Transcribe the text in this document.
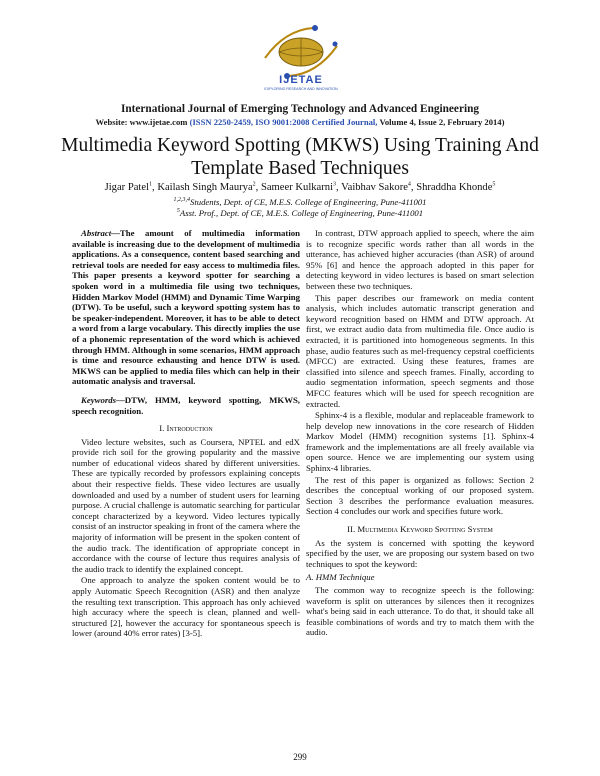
IJETAE
EXPLORING RESEARCH AND INNOVATION
International Journal of Emerging Technology and Advanced Engineering
Website: www.ijetae.com (ISSN 2250-2459, ISO 9001:2008 Certified Journal, Volume 4, Issue 2, February 2014)
Multimedia Keyword Spotting (MKWS) Using Training And Template Based Techniques
Jigar Patel$^1$, Kailash Singh Maurya$^2$, Sameer Kulkarni$^3$, Vaibhav Sakore$^4$, Shraddha Khonde$^5$
$^{1,2,3,4}$Students, Dept. of CE, M.E.S. College of Engineering, Pune-411001
$^5$Asst. Prof., Dept. of CE, M.E.S. College of Engineering, Pune-411001

Abstract—The amount of multimedia information available is increasing due to the development of multimedia applications. As a consequence, content based searching and retrieval tools are needed for easy access to multimedia files. This paper presents a keyword spotter for searching a spoken word in a multimedia file using two techniques, Hidden Markov Model (HMM) and Dynamic Time Warping (DTW). To be useful, such a keyword spotting system has to be speaker-independent. Moreover, it has to be able to detect a word from a large vocabulary. This directly implies the use of a phonemic representation of the word which is achieved through HMM. Although in some scenarios, HMM approach is time and resource exhausting and hence DTW is used. MKWS can be applied to media files which can help in their automatic analysis and traversal.

Keywords—DTW, HMM, keyword spotting, MKWS, speech recognition.

I. Introduction

Video lecture websites, such as Coursera, NPTEL and edX provide rich soil for the growing popularity and the massive number of educational videos shared by different universities. These are typically recorded by professors explaining concepts about their respective fields. These video lectures are usually downloaded and used by a number of student users for learning purpose. A crucial challenge is automatic searching for particular concept characterized by a keyword. Video lectures typically consist of an instructor speaking in front of the camera where the majority of information will be present in the spoken content of the audio track. The identification of appropriate concept in accordance with the course of lecture thus requires analysis of the audio track to identify the explained concept.

One approach to analyze the spoken content would be to apply Automatic Speech Recognition (ASR) and then analyze the resulting text transcription. This approach has only achieved high accuracy where the speech is clean, planned and well-structured [2], however the accuracy for spontaneous speech is lower (around 40% error rates) [3-5].

In contrast, DTW approach applied to speech, where the aim is to recognize specific words rather than all words in the utterance, has achieved higher accuracies (than ASR) of around 95% [6] and hence the approach adopted in this paper for detecting keyword in video lectures is based on smart selection between these two techniques.

This paper describes our framework on media content analysis, which includes automatic transcript generation and keyword recognition based on HMM and DTW approach. At first, we extract audio data from multimedia file. Once audio is extracted, it is partitioned into homogeneous segments. In this phase, audio features such as mel-frequency cepstral coefficients (MFCC) are extracted. Using these features, frames are classified into silence and speech frames. Finally, according to audio segmentation information, speech segments and those MFCC features which will be used for speech recognition are extracted.

Sphinx-4 is a flexible, modular and replaceable framework to help develop new innovations in the core research of Hidden Markov Model (HMM) recognition systems [1]. Sphinx-4 framework and the implementations are all freely available via open source. Hence we are implementing our system using Sphinx-4 libraries.

The rest of this paper is organized as follows: Section 2 describes the conceptual working of our proposed system. Section 3 describes the performance evaluation measures. Section 4 concludes our work and specifies future work.

II. Multimedia Keyword Spotting System

As the system is concerned with spotting the keyword specified by the user, we are proposing our system based on two techniques to spot the keyword:

A. HMM Technique

The common way to recognize speech is the following: waveform is split on utterances by silences then it recognizes what's being said in each utterance. To do that, it should take all feasible combinations of words and try to match them with the audio.

299
